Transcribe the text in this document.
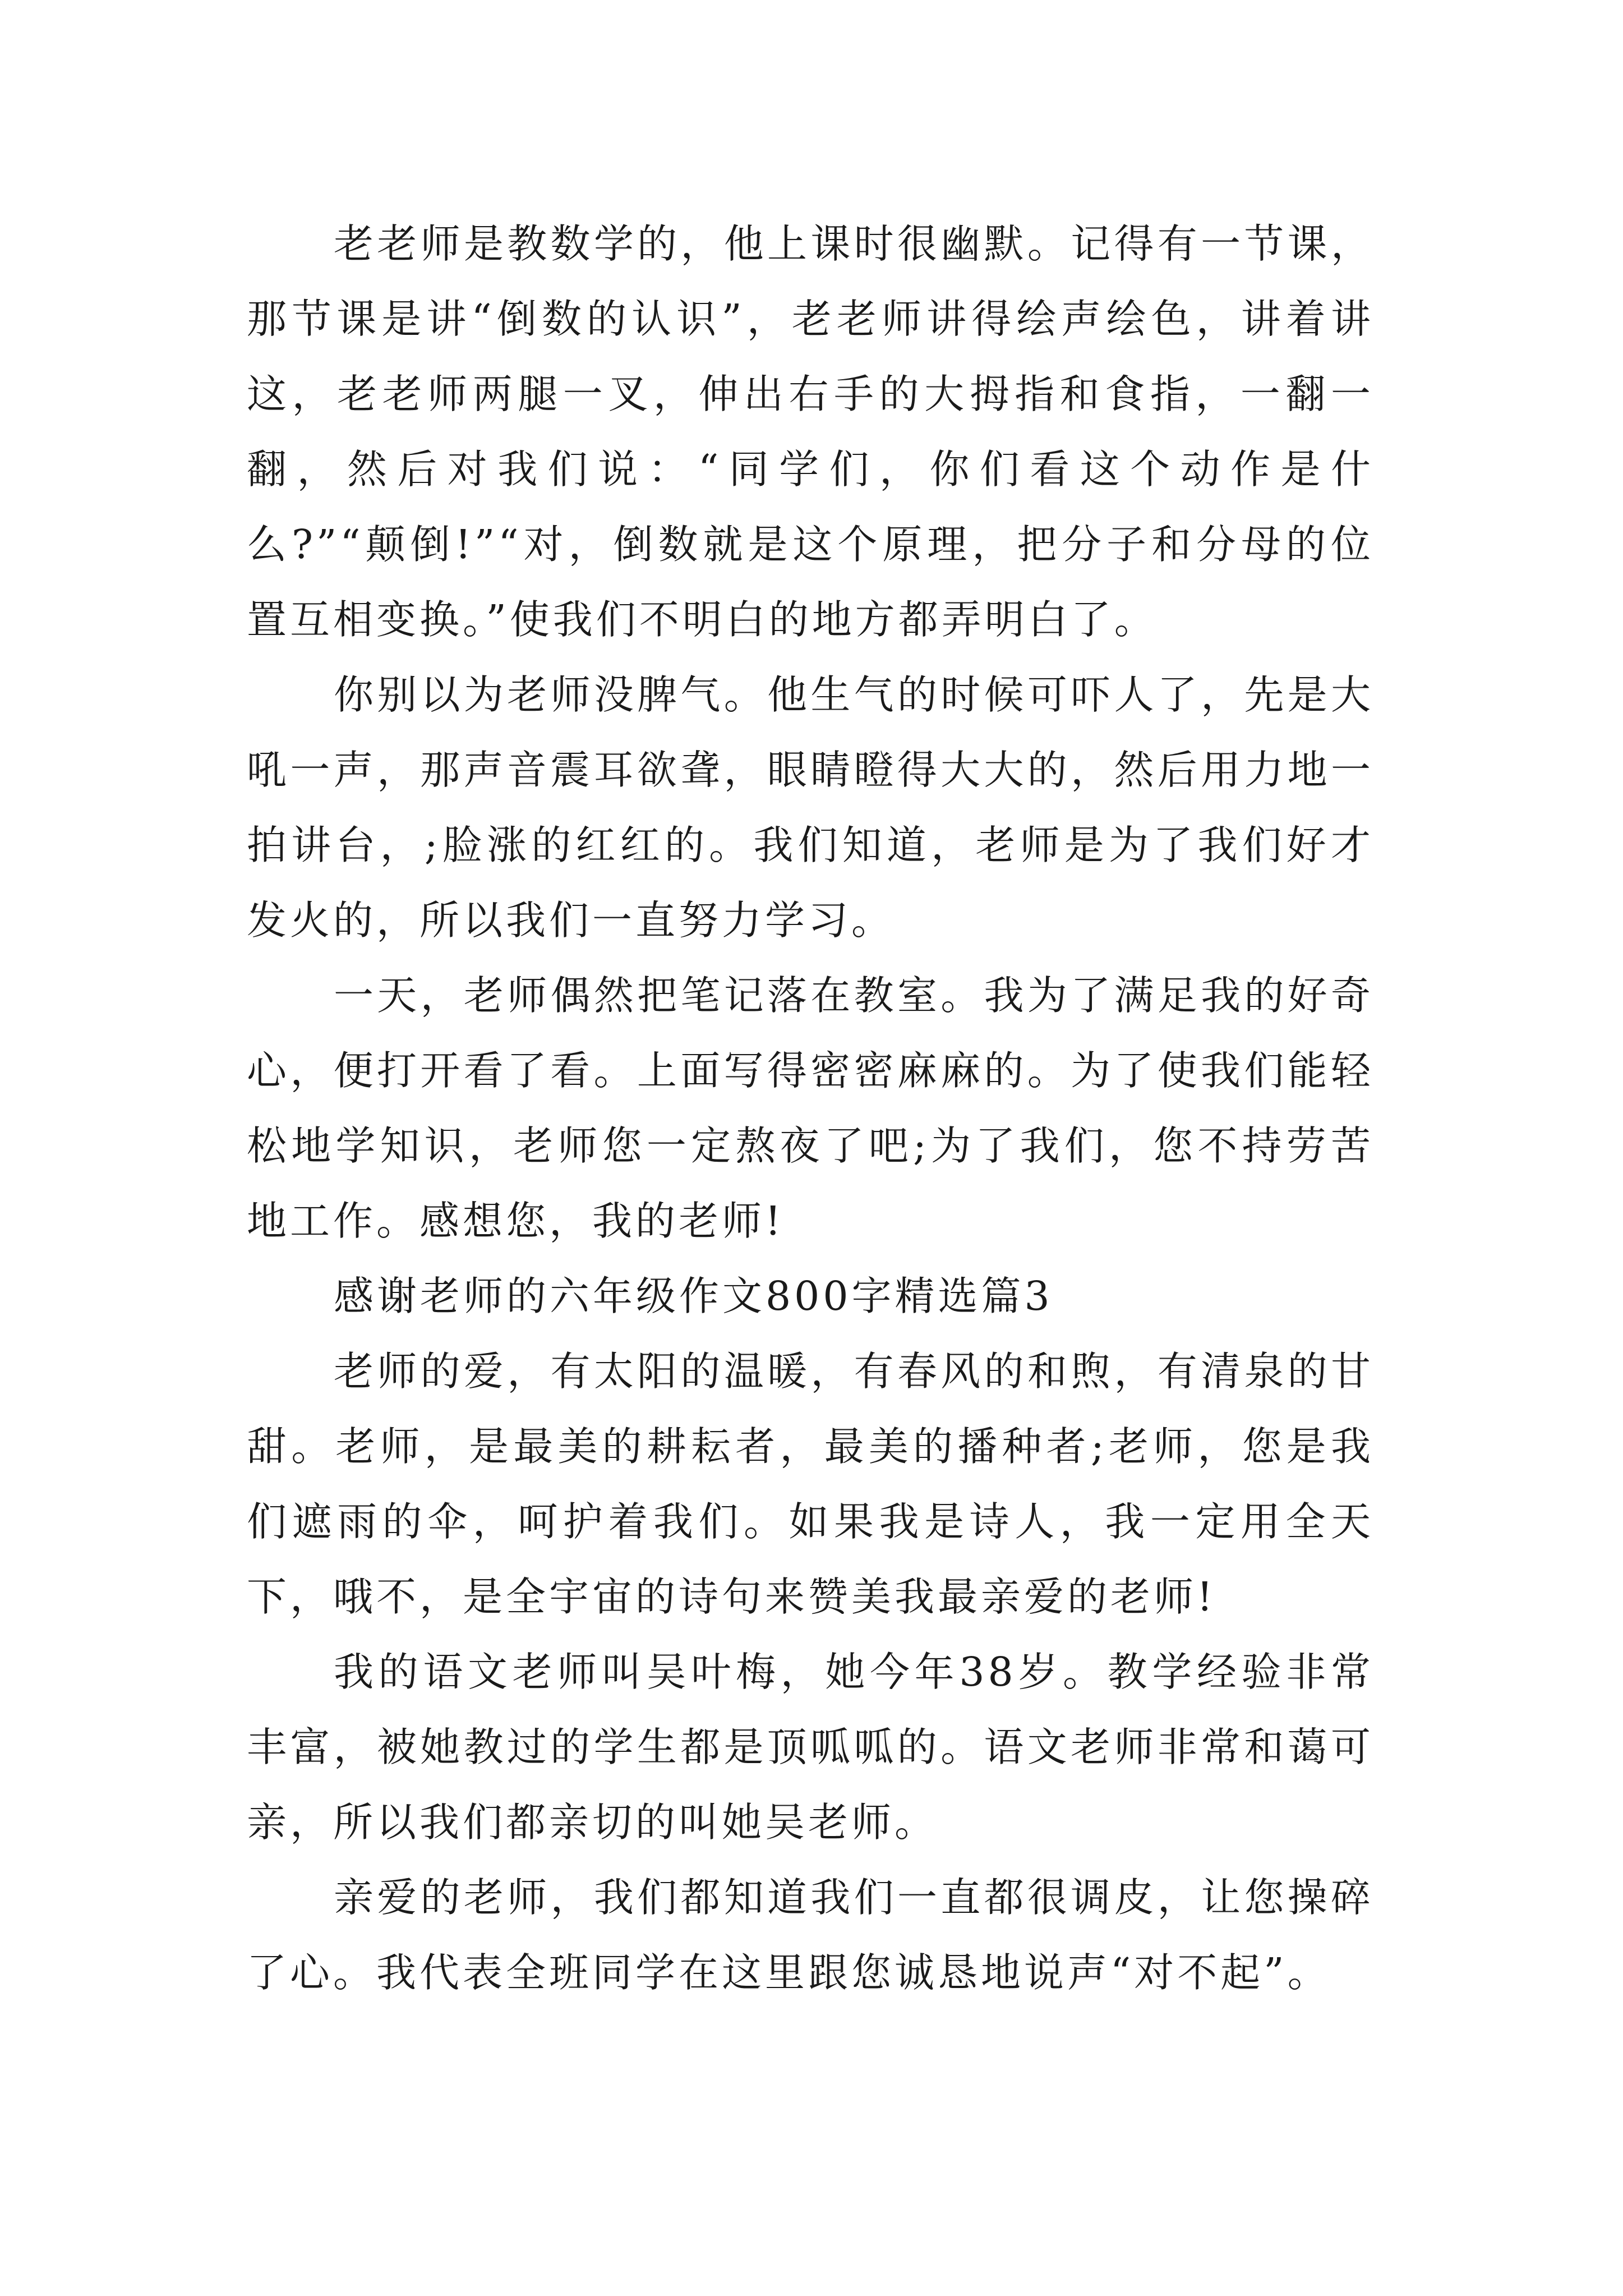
老老师是教数学的，他上课时很幽默。记得有一节课，那节课是讲“倒数的认识”，老老师讲得绘声绘色，讲着讲这，老老师两腿一叉，伸出右手的大拇指和食指，一翻一翻，然后对我们说：“同学们，你们看这个动作是什么?”“颠倒!”“对，倒数就是这个原理，把分子和分母的位置互相变换。”使我们不明白的地方都弄明白了。

你别以为老师没脾气。他生气的时候可吓人了，先是大吼一声，那声音震耳欲聋，眼睛瞪得大大的，然后用力地一拍讲台，;脸涨的红红的。我们知道，老师是为了我们好才发火的，所以我们一直努力学习。

一天，老师偶然把笔记落在教室。我为了满足我的好奇心，便打开看了看。上面写得密密麻麻的。为了使我们能轻松地学知识，老师您一定熬夜了吧;为了我们，您不持劳苦地工作。感想您，我的老师!

感谢老师的六年级作文800字精选篇3

老师的爱，有太阳的温暖，有春风的和煦，有清泉的甘甜。老师，是最美的耕耘者，最美的播种者;老师，您是我们遮雨的伞，呵护着我们。如果我是诗人，我一定用全天下，哦不，是全宇宙的诗句来赞美我最亲爱的老师!

我的语文老师叫吴叶梅，她今年38岁。教学经验非常丰富，被她教过的学生都是顶呱呱的。语文老师非常和蔼可亲，所以我们都亲切的叫她吴老师。

亲爱的老师，我们都知道我们一直都很调皮，让您操碎了心。我代表全班同学在这里跟您诚恳地说声“对不起”。
